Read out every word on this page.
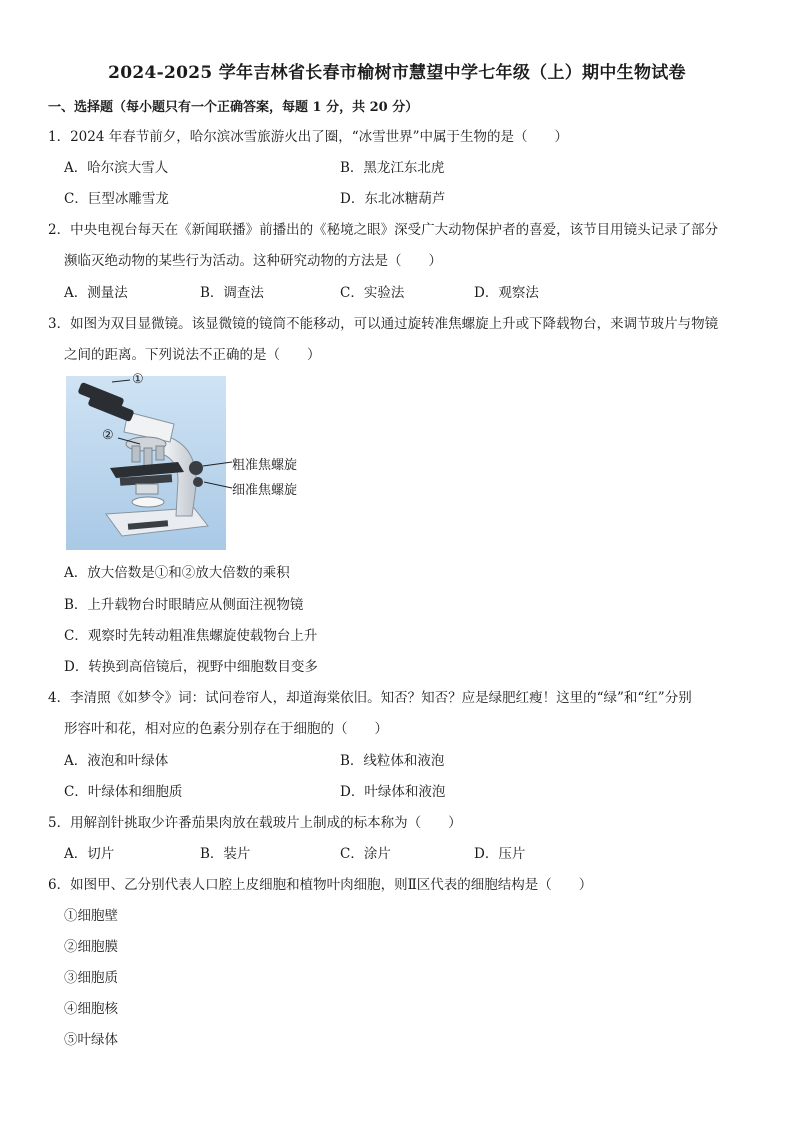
2024-2025 学年吉林省长春市榆树市慧望中学七年级（上）期中生物试卷
一、选择题（每小题只有一个正确答案，每题 1 分，共 20 分）
1．2024 年春节前夕，哈尔滨冰雪旅游火出了圈，“冰雪世界”中属于生物的是（　　）
A．哈尔滨大雪人	B．黑龙江东北虎
C．巨型冰雕雪龙	D．东北冰糖葫芦
2．中央电视台每天在《新闻联播》前播出的《秘境之眼》深受广大动物保护者的喜爱，该节目用镜头记录了部分
濒临灭绝动物的某些行为活动。这种研究动物的方法是（　　）
A．测量法	B．调查法	C．实验法	D．观察法
3．如图为双目显微镜。该显微镜的镜筒不能移动，可以通过旋转准焦螺旋上升或下降载物台，来调节玻片与物镜
之间的距离。下列说法不正确的是（　　）
①
②
粗准焦螺旋
细准焦螺旋
A．放大倍数是①和②放大倍数的乘积
B．上升载物台时眼睛应从侧面注视物镜
C．观察时先转动粗准焦螺旋使载物台上升
D．转换到高倍镜后，视野中细胞数目变多
4．李清照《如梦令》词：试问卷帘人，却道海棠依旧。知否？知否？应是绿肥红瘦！这里的“绿”和“红”分别
形容叶和花，相对应的色素分别存在于细胞的（　　）
A．液泡和叶绿体	B．线粒体和液泡
C．叶绿体和细胞质	D．叶绿体和液泡
5．用解剖针挑取少许番茄果肉放在载玻片上制成的标本称为（　　）
A．切片	B．装片	C．涂片	D．压片
6．如图甲、乙分别代表人口腔上皮细胞和植物叶肉细胞，则Ⅱ区代表的细胞结构是（　　）
①细胞壁
②细胞膜
③细胞质
④细胞核
⑤叶绿体
